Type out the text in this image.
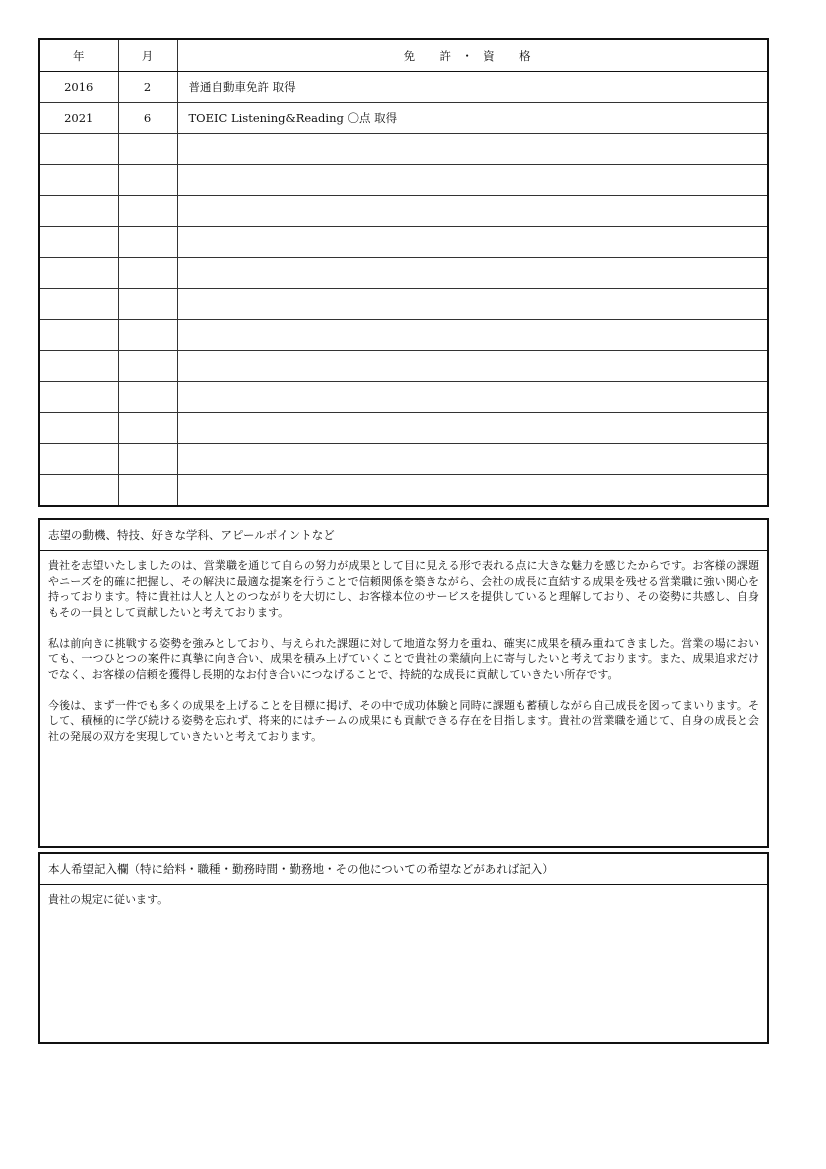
年	月	免 許・資 格
2016	2	普通自動車免許 取得
2021	6	TOEIC Listening&Reading 〇点 取得

志望の動機、特技、好きな学科、アピールポイントなど

貴社を志望いたしましたのは、営業職を通じて自らの努力が成果として目に見える形で表れる点に大きな魅力を感じたからです。お客様の課題やニーズを的確に把握し、その解決に最適な提案を行うことで信頼関係を築きながら、会社の成長に直結する成果を残せる営業職に強い関心を持っております。特に貴社は人と人とのつながりを大切にし、お客様本位のサービスを提供していると理解しており、その姿勢に共感し、自身もその一員として貢献したいと考えております。

私は前向きに挑戦する姿勢を強みとしており、与えられた課題に対して地道な努力を重ね、確実に成果を積み重ねてきました。営業の場においても、一つひとつの案件に真摯に向き合い、成果を積み上げていくことで貴社の業績向上に寄与したいと考えております。また、成果追求だけでなく、お客様の信頼を獲得し長期的なお付き合いにつなげることで、持続的な成長に貢献していきたい所存です。

今後は、まず一件でも多くの成果を上げることを目標に掲げ、その中で成功体験と同時に課題も蓄積しながら自己成長を図ってまいります。そして、積極的に学び続ける姿勢を忘れず、将来的にはチームの成果にも貢献できる存在を目指します。貴社の営業職を通じて、自身の成長と会社の発展の双方を実現していきたいと考えております。

本人希望記入欄（特に給料・職種・勤務時間・勤務地・その他についての希望などがあれば記入）

貴社の規定に従います。
